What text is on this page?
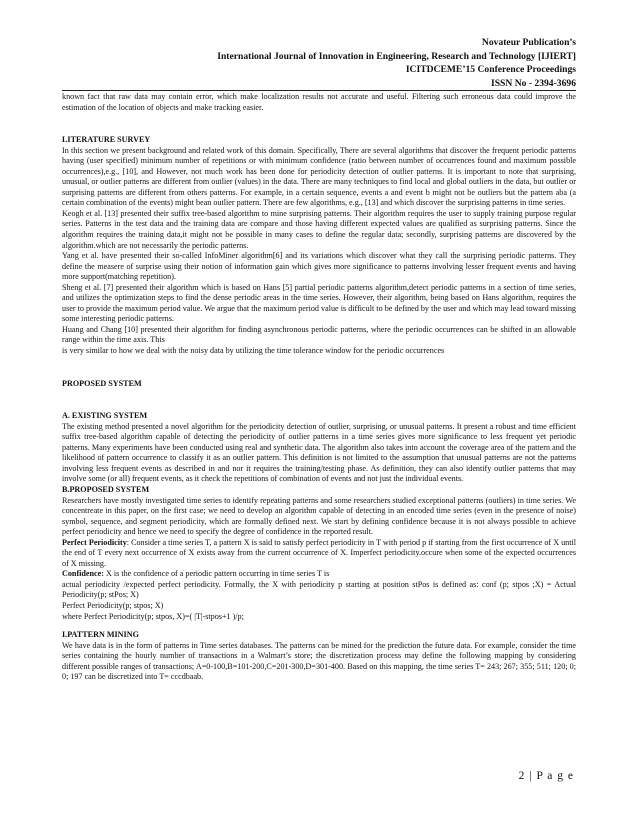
Novateur Publication’s
International Journal of Innovation in Engineering, Research and Technology [IJIERT]
ICITDCEME’15 Conference Proceedings
ISSN No - 2394-3696

known fact that raw data may contain error, which make localization results not accurate and useful. Filtering such erroneous data could improve the estimation of the location of objects and make tracking easier.

LITERATURE SURVEY

In this section we present background and related work of this domain. Specifically, There are several algorithms that discover the frequent periodic patterns having (user specified) minimum number of repetitions or with minimum confidence (ratio between number of occurrences found and maximum possible occurrences),e.g., [10], and However, not much work has been done for periodicity detection of outlier patterns. It is important to note that surprising, unusual, or outlier patterns are different from outlier (values) in the data. There are many techniques to find local and global outliers in the data, but outlier or surprising patterns are different from others patterns. For example, in a certain sequence, events a and event b might not be outliers but the pattern aba (a certain combination of the events) might bean outlier pattern. There are few algorithms, e.g., [13] and which discover the surprising patterns in time series.

Keogh et al. [13] presented their suffix tree-based algorithm to mine surprising patterns. Their algorithm requires the user to supply training purpose regular series. Patterns in the test data and the training data are compare and those having different expected values are qualified as surprising patterns. Since the algorithm requires the training data,it might not be possible in many cases to define the regular data; secondly, surprising patterns are discovered by the algorithm.which are not necessarily the periodic patterns.

Yang et al. have presented their so-called InfoMiner algorithm[6] and its variations which discover what they call the surprising periodic patterns. They define the measere of surprise using their notion of information gain which gives more significance to patterns involving lesser frequent events and having more support(matching repetition).

Sheng et al. [7] presented their algorithm which is based on Hans [5] partial periodic patterns algorithm,detect periodic patterns in a section of time series, and utilizes the optimization steps to find the dense periodic areas in the time series. However, their algorithm, being based on Hans algorithm, requires the user to provide the maximum period value. We argue that the maximum period value is difficult to be defined by the user and which may lead toward missing some interesting periodic patterns.

Huang and Chang [10] presented their algorithm for finding asynchronous periodic patterns, where the periodic occurrences can be shifted in an allowable range within the time axis. This

is very similar to how we deal with the noisy data by utilizing the time tolerance window for the periodic occurrences

PROPOSED SYSTEM

A. EXISTING SYSTEM

The existing method presented a novel algorithm for the periodicity detection of outlier, surprising, or unusual patterns. It present a robust and time efficient suffix tree-based algorithm capable of detecting the periodicity of outlier patterns in a time series gives more significance to less frequent yet periodic patterns. Many experiments have been conducted using real and synthetic data. The algorithm also takes into account the coverage area of the pattern and the likelihood of pattern occurrence to classify it as an outlier pattern. This definition is not limited to the assumption that unusual patterns are not the patterns involving less frequent events as described in and nor it requires the training/testing phase. As definition, they can also identify outlier patterns that may involve some (or all) frequent events, as it check the repetitions of combination of events and not just the individual events.

B.PROPOSED SYSTEM

Researchers have mostly investigated time series to identify repeating patterns and some researchers studied exceptional patterns (outliers) in time series. We concentreate in this paper, on the first case; we need to develop an algorithm capable of detecting in an encoded time series (even in the presence of noise) symbol, sequence, and segment periodicity, which are formally defined next. We start by defining confidence because it is not always possible to achieve perfect periodicity and hence we need to specify the degree of confidence in the reported result.

Perfect Periodicity: Consider a time series T, a pattern X is said to satisfy perfect periodicity in T with period p if starting from the first occurrence of X until the end of T every next occurrence of X exists away from the current occurrence of X. Imperfect periodicity.occure when some of the expected occurrences of X missing.

Confidence: X is the confidence of a periodic pattern occurring in time series T is

actual periodicity /expected perfect periodicity. Formally, the X with periodicity p starting at position stPos is defined as: conf (p; stpos ;X) = Actual Periodicity(p; stPos; X)

Perfect Periodicity(p; stpos; X)

where Perfect Periodicity(p; stpos, X)=( |T|-stpos+1 )/p;

I.PATTERN MINING

We have data is in the form of patterns in Time series databases. The patterns can be mined for the prediction the future data. For example, consider the time series containing the hourly number of transactions in a Walmart’s store; the discretization process may define the following mapping by considering different possible ranges of transactions; A=0-100,B=101-200,C=201-300,D=301-400. Based on this mapping, the time series T= 243; 267; 355; 511; 120; 0; 0; 197 can be discretized into T= cccdbaab.

2 | P a g e
